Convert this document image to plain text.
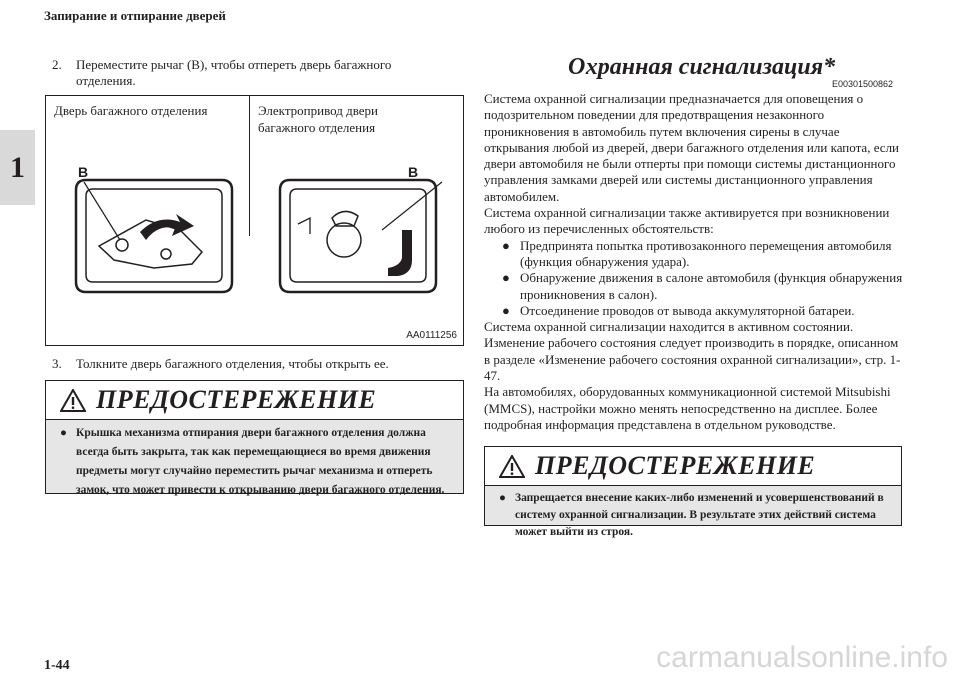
Запирание и отпирание дверей
1
2. Переместите рычаг (B), чтобы отпереть дверь багажного отделения.
Дверь багажного отделения	Электропривод двери багажного отделения
B	B
AA0111256
3. Толкните дверь багажного отделения, чтобы открыть ее.
ПРЕДОСТЕРЕЖЕНИЕ
● Крышка механизма отпирания двери багажного отделения должна всегда быть закрыта, так как перемещающиеся во время движения предметы могут случайно переместить рычаг механизма и отпереть замок, что может привести к открыванию двери багажного отделения.
Охранная сигнализация*
E00301500862

Система охранной сигнализации предназначается для оповещения о подозрительном поведении для предотвращения незаконного проникновения в автомобиль путем включения сирены в случае открывания любой из дверей, двери багажного отделения или капота, если двери автомобиля не были отперты при помощи системы дистанционного управления замками дверей или системы дистанционного управления автомобилем.

Система охранной сигнализации также активируется при возникновении любого из перечисленных обстоятельств:

● Предпринята попытка противозаконного перемещения автомобиля (функция обнаружения удара).
● Обнаружение движения в салоне автомобиля (функция обнаружения проникновения в салон).
● Отсоединение проводов от вывода аккумуляторной батареи.

Система охранной сигнализации находится в активном состоянии. Изменение рабочего состояния следует производить в порядке, описанном в разделе «Изменение рабочего состояния охранной сигнализации», стр. 1-47.

На автомобилях, оборудованных коммуникационной системой Mitsubishi (MMCS), настройки можно менять непосредственно на дисплее. Более подробная информация представлена в отдельном руководстве.

ПРЕДОСТЕРЕЖЕНИЕ
● Запрещается внесение каких-либо изменений и усовершенствований в систему охранной сигнализации. В результате этих действий система может выйти из строя.
1-44	carmanualsonline.info
